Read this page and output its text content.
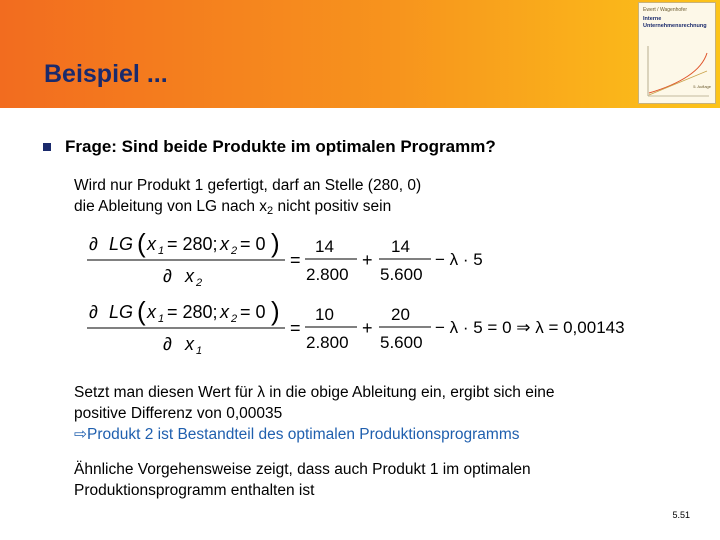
Beispiel ...
Ewert / Wagenhofer
Interne
Unternehmensrechnung
5. Auflage
Frage: Sind beide Produkte im optimalen Programm?
Wird nur Produkt 1 gefertigt, darf an Stelle (280, 0)
die Ableitung von LG nach x2 nicht positiv sein
∂ LG ( x 1 = 280; x 2 = 0 )
∂ x 2
=
14
2.800
+
14
5.600
− λ · 5
∂ LG ( x 1 = 280; x 2 = 0 )
∂ x 1
=
10
2.800
+
20
5.600
− λ · 5 = 0 ⇒ λ = 0,00143
Setzt man diesen Wert für λ in die obige Ableitung ein, ergibt sich eine
positive Differenz von 0,00035
⇨Produkt 2 ist Bestandteil des optimalen Produktionsprogramms
Ähnliche Vorgehensweise zeigt, dass auch Produkt 1 im optimalen
Produktionsprogramm enthalten ist
5.51
